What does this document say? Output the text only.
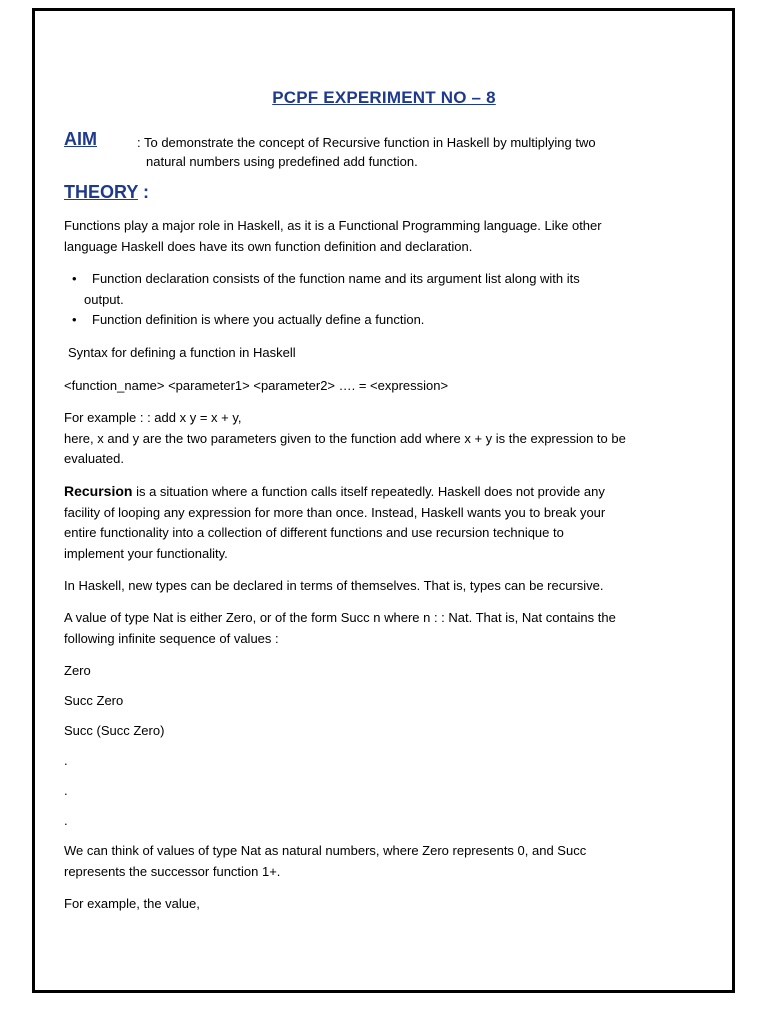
PCPF EXPERIMENT NO – 8
AIM	: To demonstrate the concept of Recursive function in Haskell by multiplying two
natural numbers using predefined add function.
THEORY :
Functions play a major role in Haskell, as it is a Functional Programming language. Like other
language Haskell does have its own function definition and declaration.
• Function declaration consists of the function name and its argument list along with its
output.
• Function definition is where you actually define a function.
Syntax for defining a function in Haskell
<function_name> <parameter1> <parameter2> …. = <expression>
For example : : add x y = x + y,
here, x and y are the two parameters given to the function add where x + y is the expression to be
evaluated.
Recursion is a situation where a function calls itself repeatedly. Haskell does not provide any
facility of looping any expression for more than once. Instead, Haskell wants you to break your
entire functionality into a collection of different functions and use recursion technique to
implement your functionality.
In Haskell, new types can be declared in terms of themselves. That is, types can be recursive.
A value of type Nat is either Zero, or of the form Succ n where n : : Nat. That is, Nat contains the
following infinite sequence of values :
Zero
Succ Zero
Succ (Succ Zero)
.
.
.
We can think of values of type Nat as natural numbers, where Zero represents 0, and Succ
represents the successor function 1+.
For example, the value,
